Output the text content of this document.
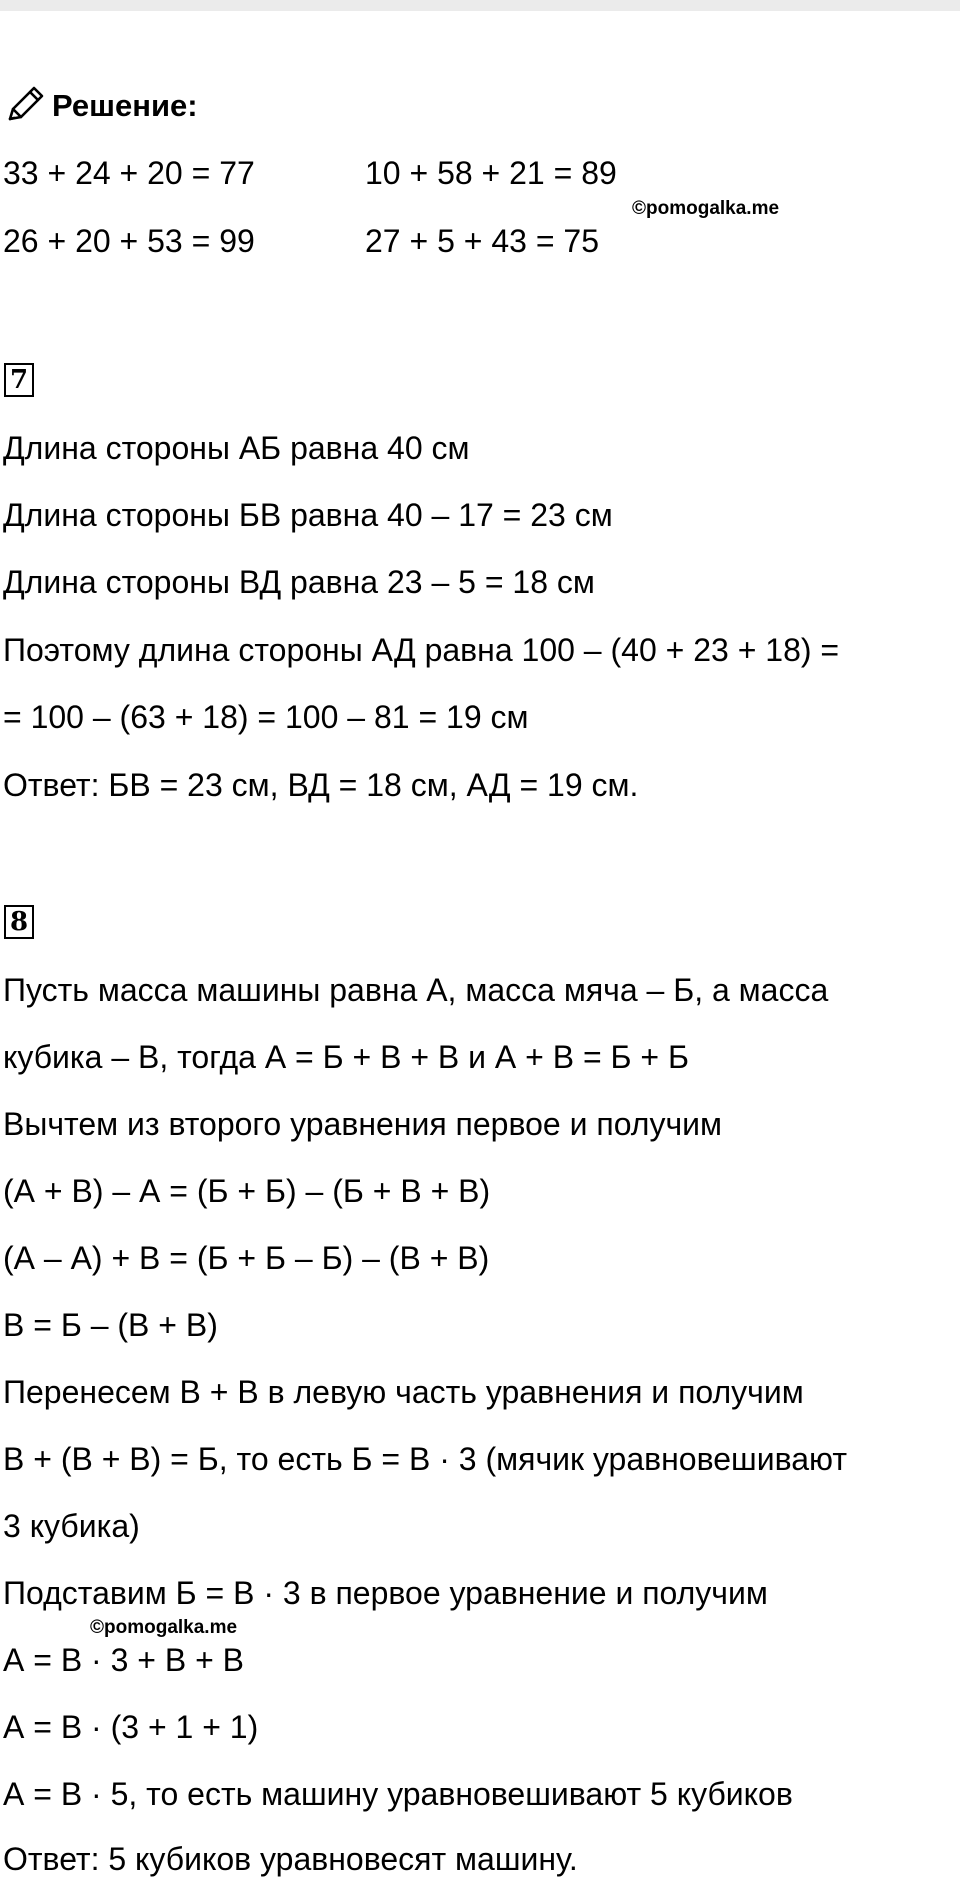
Решение:
33 + 24 + 20 = 77	10 + 58 + 21 = 89
26 + 20 + 53 = 99	27 + 5 + 43 = 75
©pomogalka.me
7
Длина стороны АБ равна 40 см
Длина стороны БВ равна 40 – 17 = 23 см
Длина стороны ВД равна 23 – 5 = 18 см
Поэтому длина стороны АД равна 100 – (40 + 23 + 18) =
= 100 – (63 + 18) = 100 – 81 = 19 см
Ответ: БВ = 23 см, ВД = 18 см, АД = 19 см.
8
Пусть масса машины равна А, масса мяча – Б, а масса
кубика – В, тогда А = Б + В + В и А + В = Б + Б
Вычтем из второго уравнения первое и получим
(А + В) – А = (Б + Б) – (Б + В + В)
(А – А) + В = (Б + Б – Б) – (В + В)
В = Б – (В + В)
Перенесем В + В в левую часть уравнения и получим
В + (В + В) = Б, то есть Б = В · 3 (мячик уравновешивают
3 кубика)
Подставим Б = В · 3 в первое уравнение и получим
©pomogalka.me
А = В · 3 + В + В
А = В · (3 + 1 + 1)
А = В · 5, то есть машину уравновешивают 5 кубиков
Ответ: 5 кубиков уравновесят машину.
